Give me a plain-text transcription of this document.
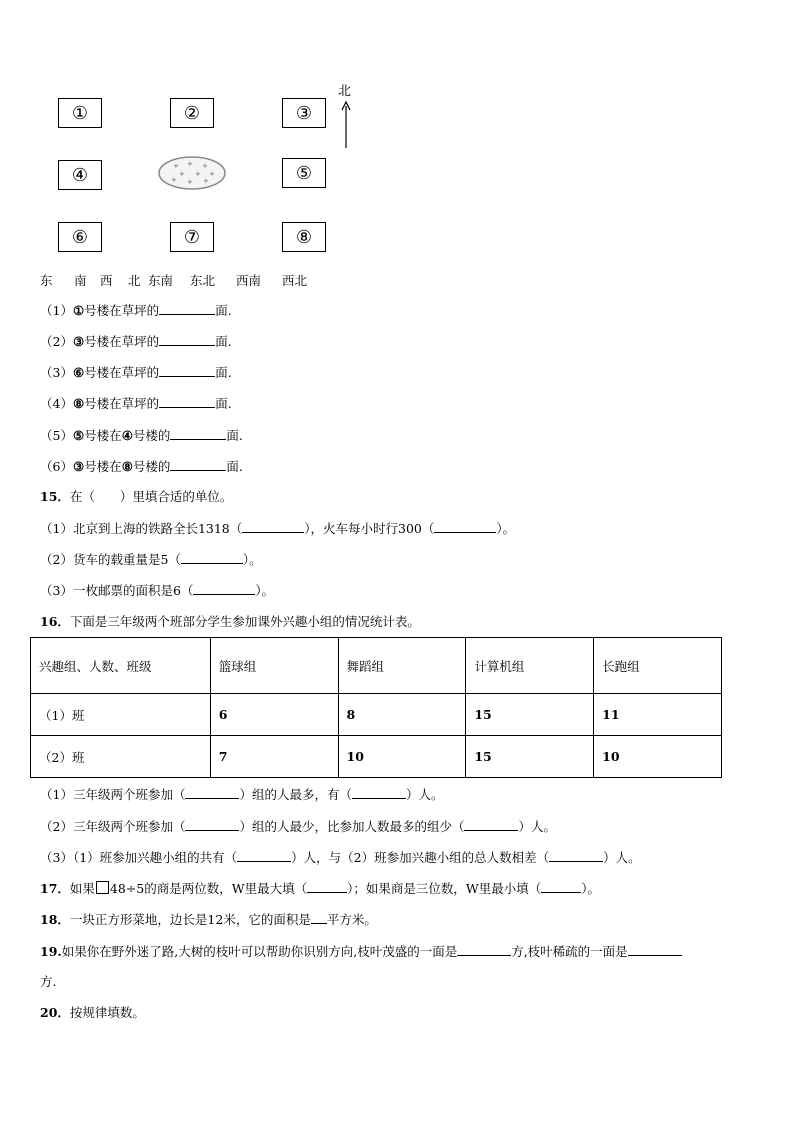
①	②	③
④	⑤
⑥	⑦	⑧
+ + +
+ + +
+ + +
北
东 南 西 北 东南 东北 西南 西北
（1）①号楼在草坪的	面.
（2）③号楼在草坪的	面.
（3）⑥号楼在草坪的	面.
（4）⑧号楼在草坪的	面.
（5）⑤号楼在④号楼的	面.
（6）③号楼在⑧号楼的	面.
15．在（　　）里填合适的单位。
（1）北京到上海的铁路全长1318（	），火车每小时行300（	）。
（2）货车的载重量是5（	）。
（3）一枚邮票的面积是6（	）。
16．下面是三年级两个班部分学生参加课外兴趣小组的情况统计表。
兴趣组、人数、班级	篮球组	舞蹈组	计算机组	长跑组
（1）班	6	8	15	11
（2）班	7	10	15	10
（1）三年级两个班参加（	）组的人最多，有（	）人。
（2）三年级两个班参加（	）组的人最少，比参加人数最多的组少（	）人。
（3）（1）班参加兴趣小组的共有（	）人，与（2）班参加兴趣小组的总人数相差（	）人。
17．如果 48÷5的商是两位数，W里最大填（	）；如果商是三位数，W里最小填（	）。
18．一块正方形菜地，边长是12米，它的面积是 平方米。
19.如果你在野外迷了路,大树的枝叶可以帮助你识别方向,枝叶茂盛的一面是	方,枝叶稀疏的一面是
方.
20．按规律填数。
